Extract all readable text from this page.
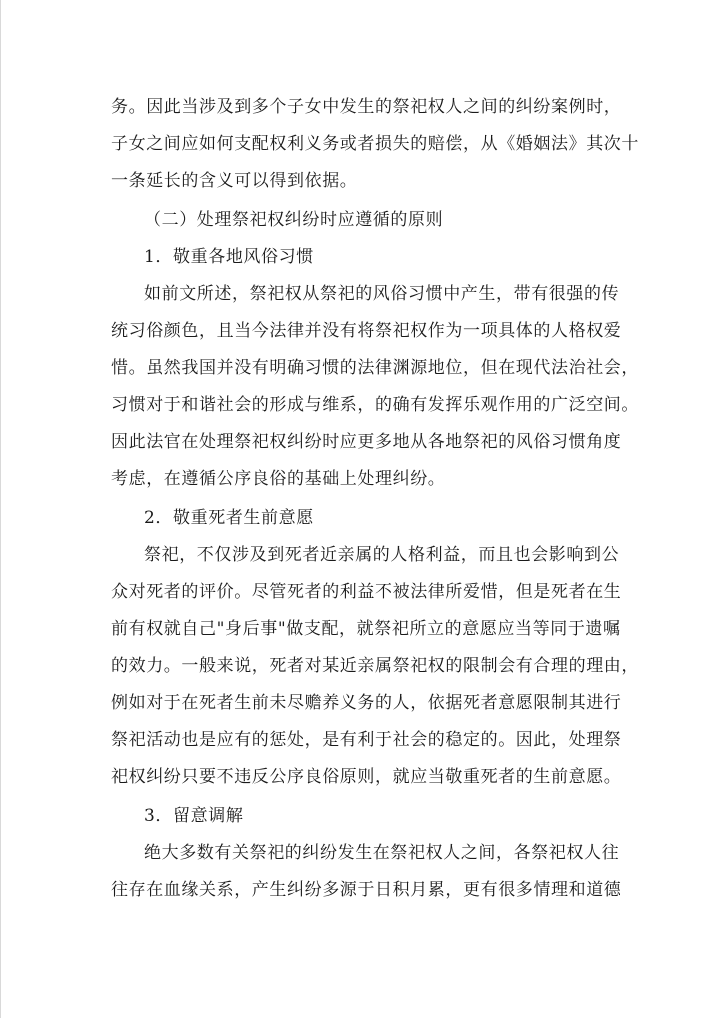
务。因此当涉及到多个子女中发生的祭祀权人之间的纠纷案例时，
子女之间应如何支配权利义务或者损失的赔偿，从《婚姻法》其次十
一条延长的含义可以得到依据。
（二）处理祭祀权纠纷时应遵循的原则
1．敬重各地风俗习惯
如前文所述，祭祀权从祭祀的风俗习惯中产生，带有很强的传
统习俗颜色，且当今法律并没有将祭祀权作为一项具体的人格权爱
惜。虽然我国并没有明确习惯的法律渊源地位，但在现代法治社会，
习惯对于和谐社会的形成与维系，的确有发挥乐观作用的广泛空间。
因此法官在处理祭祀权纠纷时应更多地从各地祭祀的风俗习惯角度
考虑，在遵循公序良俗的基础上处理纠纷。
2．敬重死者生前意愿
祭祀，不仅涉及到死者近亲属的人格利益，而且也会影响到公
众对死者的评价。尽管死者的利益不被法律所爱惜，但是死者在生
前有权就自己"身后事"做支配，就祭祀所立的意愿应当等同于遗嘱
的效力。一般来说，死者对某近亲属祭祀权的限制会有合理的理由，
例如对于在死者生前未尽赡养义务的人，依据死者意愿限制其进行
祭祀活动也是应有的惩处，是有利于社会的稳定的。因此，处理祭
祀权纠纷只要不违反公序良俗原则，就应当敬重死者的生前意愿。
3．留意调解
绝大多数有关祭祀的纠纷发生在祭祀权人之间，各祭祀权人往
往存在血缘关系，产生纠纷多源于日积月累，更有很多情理和道德
